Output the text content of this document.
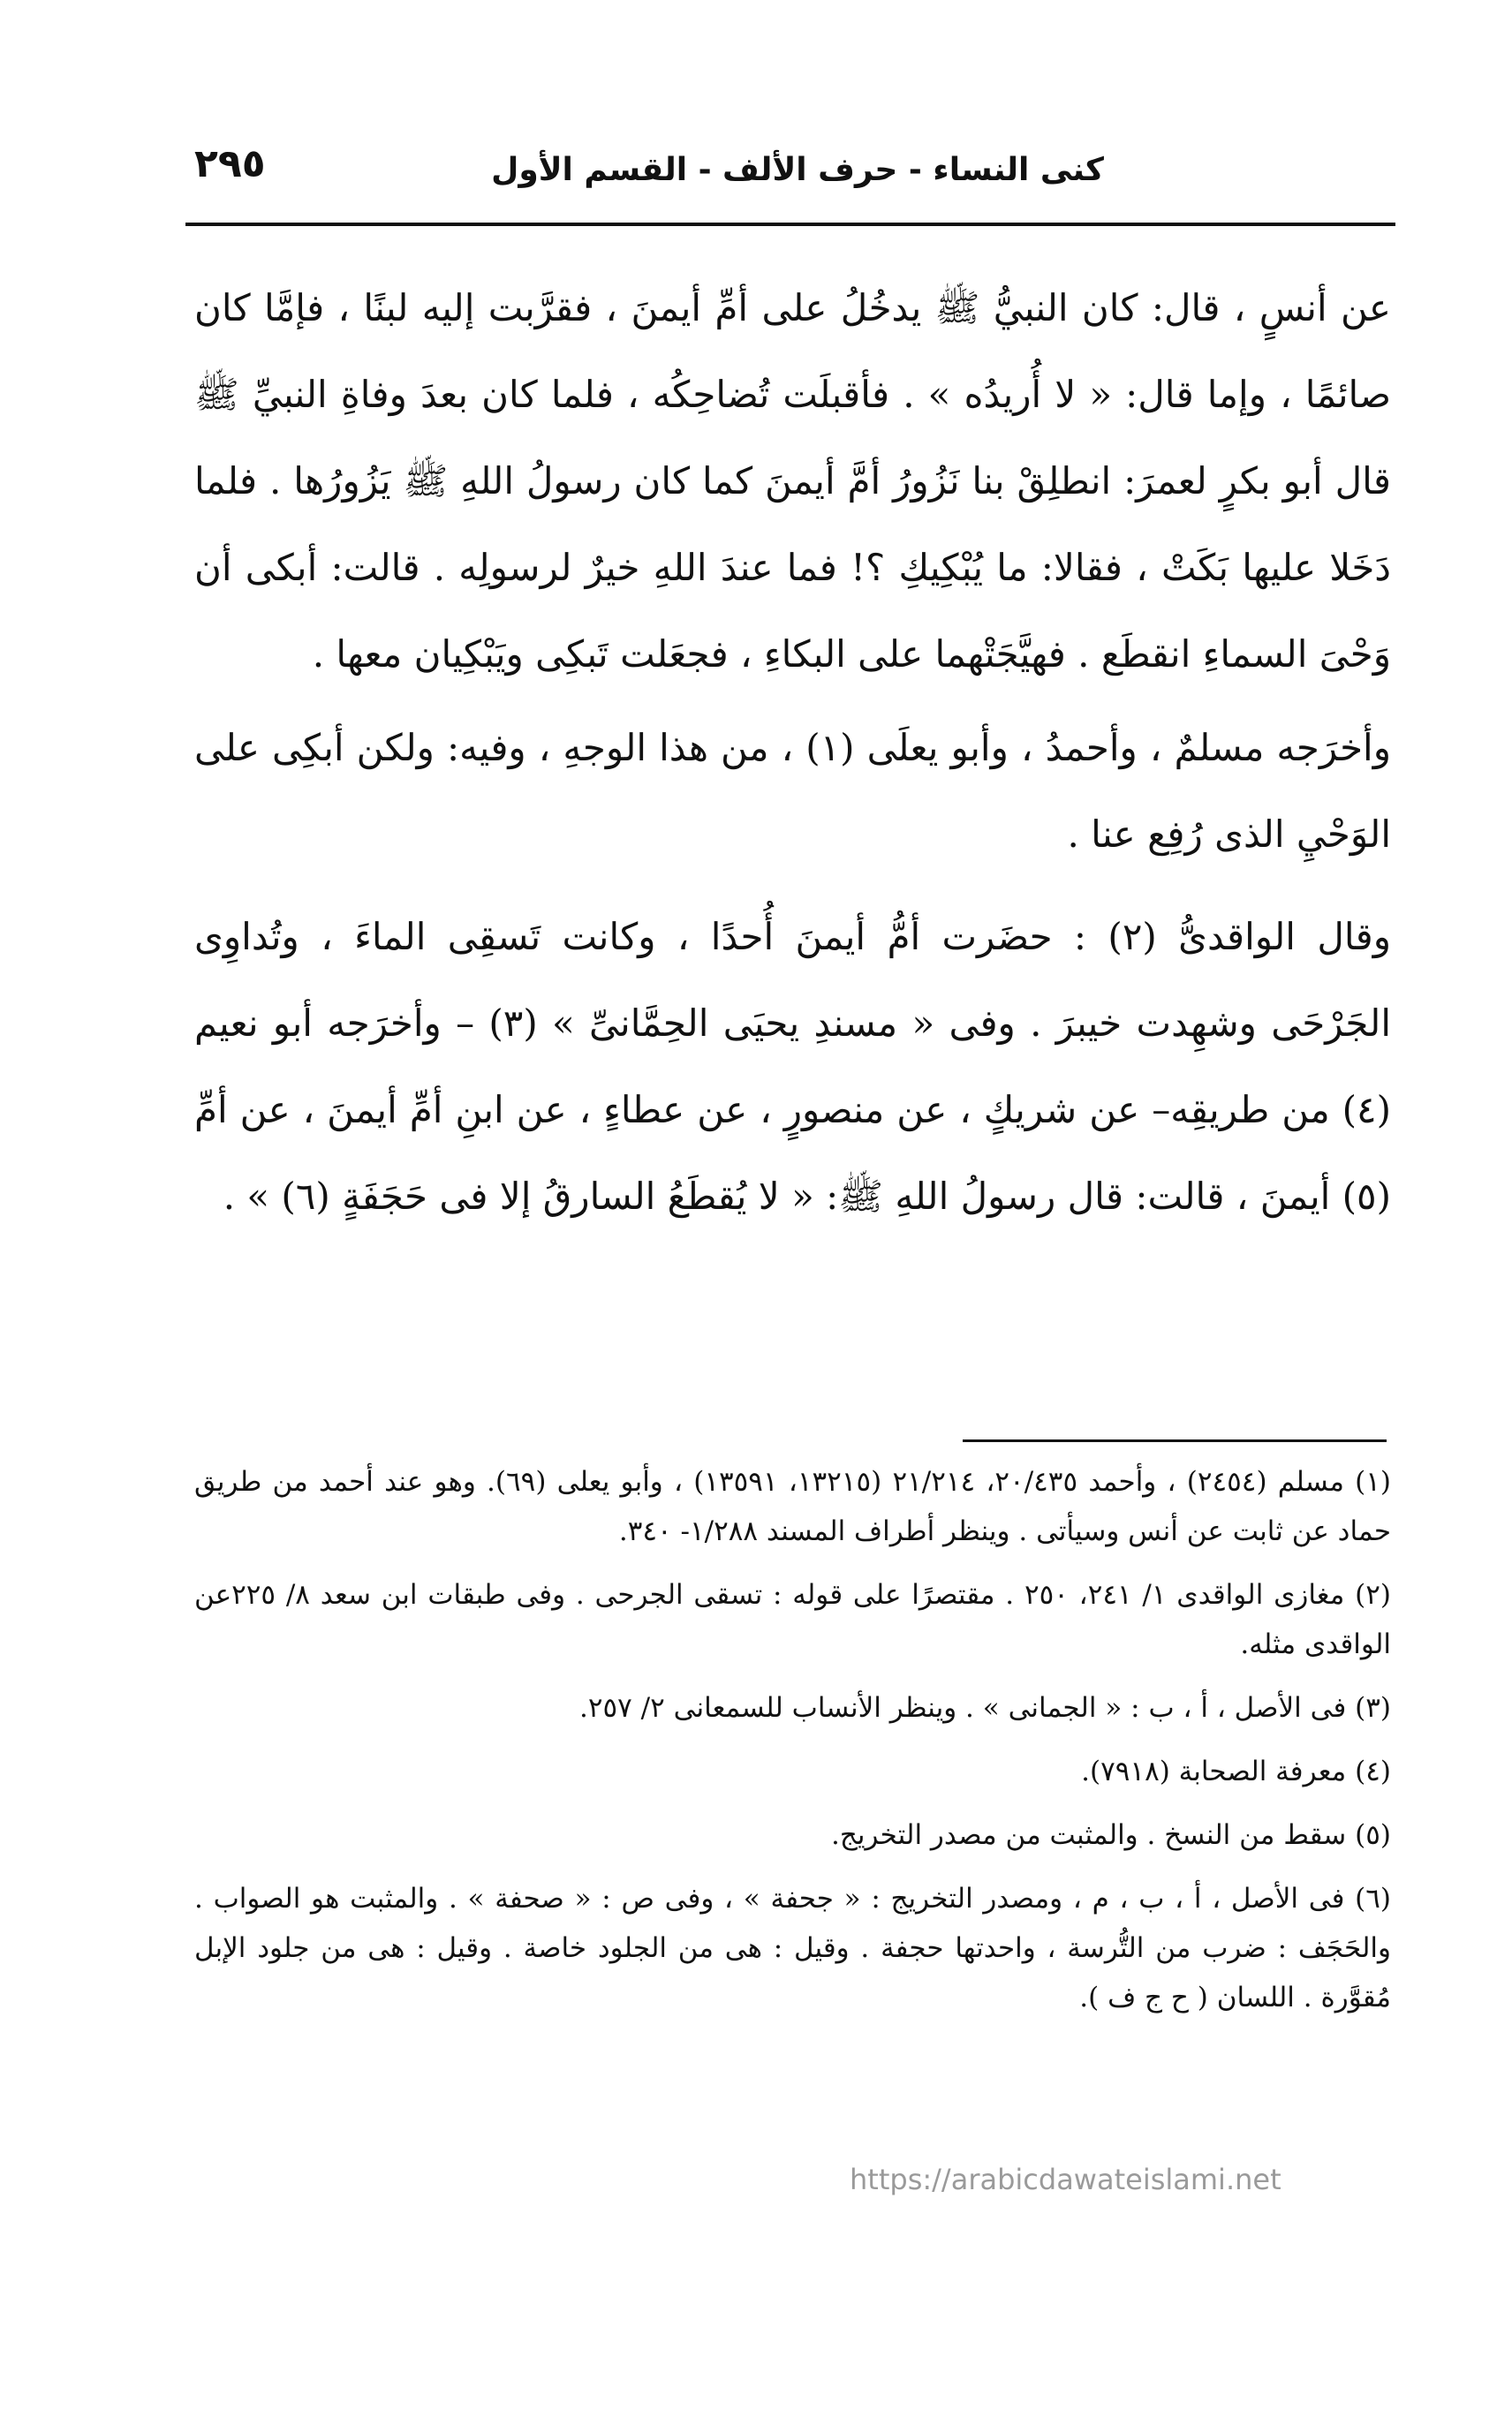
٢٩٥	كنى النساء - حرف الألف - القسم الأول

عن أنسٍ ، قال: كان النبيُّ ﷺ يدخُلُ على أمِّ أيمنَ ، فقرَّبت إليه لبنًا ، فإمَّا كان صائمًا ، وإما قال: « لا أُريدُه » . فأقبلَت تُضاحِكُه ، فلما كان بعدَ وفاةِ النبيِّ ﷺ قال أبو بكرٍ لعمرَ: انطلِقْ بنا نَزُورُ أمَّ أيمنَ كما كان رسولُ اللهِ ﷺ يَزُورُها . فلما دَخَلا عليها بَكَتْ ، فقالا: ما يُبْكِيكِ ؟! فما عندَ اللهِ خيرٌ لرسولِه . قالت: أبكى أن وَحْىَ السماءِ انقطَع . فهيَّجَتْهما على البكاءِ ، فجعَلت تَبكِى ويَبْكِيان معها .

وأخرَجه مسلمٌ ، وأحمدُ ، وأبو يعلَى (١) ، من هذا الوجهِ ، وفيه: ولكن أبكِى على الوَحْيِ الذى رُفِع عنا .

وقال الواقدىُّ (٢) : حضَرت أمُّ أيمنَ أُحدًا ، وكانت تَسقِى الماءَ ، وتُداوِى الجَرْحَى وشهِدت خيبرَ . وفى « مسندِ يحيَى الحِمَّانىِّ » (٣) – وأخرَجه أبو نعيم (٤) من طريقِه– عن شريكٍ ، عن منصورٍ ، عن عطاءٍ ، عن ابنِ أمِّ أيمنَ ، عن أمِّ (٥) أيمنَ ، قالت: قال رسولُ اللهِ ﷺ: « لا يُقطَعُ السارقُ إلا فى حَجَفَةٍ (٦) » .

(١) مسلم (٢٤٥٤) ، وأحمد ٢٠/٤٣٥، ٢١/٢١٤ (١٣٢١٥، ١٣٥٩١) ، وأبو يعلى (٦٩). وهو عند أحمد من طريق حماد عن ثابت عن أنس وسيأتى . وينظر أطراف المسند ١/٢٨٨- ٣٤٠.

(٢) مغازى الواقدى ١/ ٢٤١، ٢٥٠ . مقتصرًا على قوله : تسقى الجرحى . وفى طبقات ابن سعد ٨/ ٢٢٥عن الواقدى مثله.

(٣) فى الأصل ، أ ، ب : « الجمانى » . وينظر الأنساب للسمعانى ٢/ ٢٥٧.

(٤) معرفة الصحابة (٧٩١٨).

(٥) سقط من النسخ . والمثبت من مصدر التخريج.

(٦) فى الأصل ، أ ، ب ، م ، ومصدر التخريج : « جحفة » ، وفى ص : « صحفة » . والمثبت هو الصواب . والحَجَف : ضرب من التُّرسة ، واحدتها حجفة . وقيل : هى من الجلود خاصة . وقيل : هى من جلود الإبل مُقوَّرة . اللسان ( ح ج ف ).

https://arabicdawateislami.net
